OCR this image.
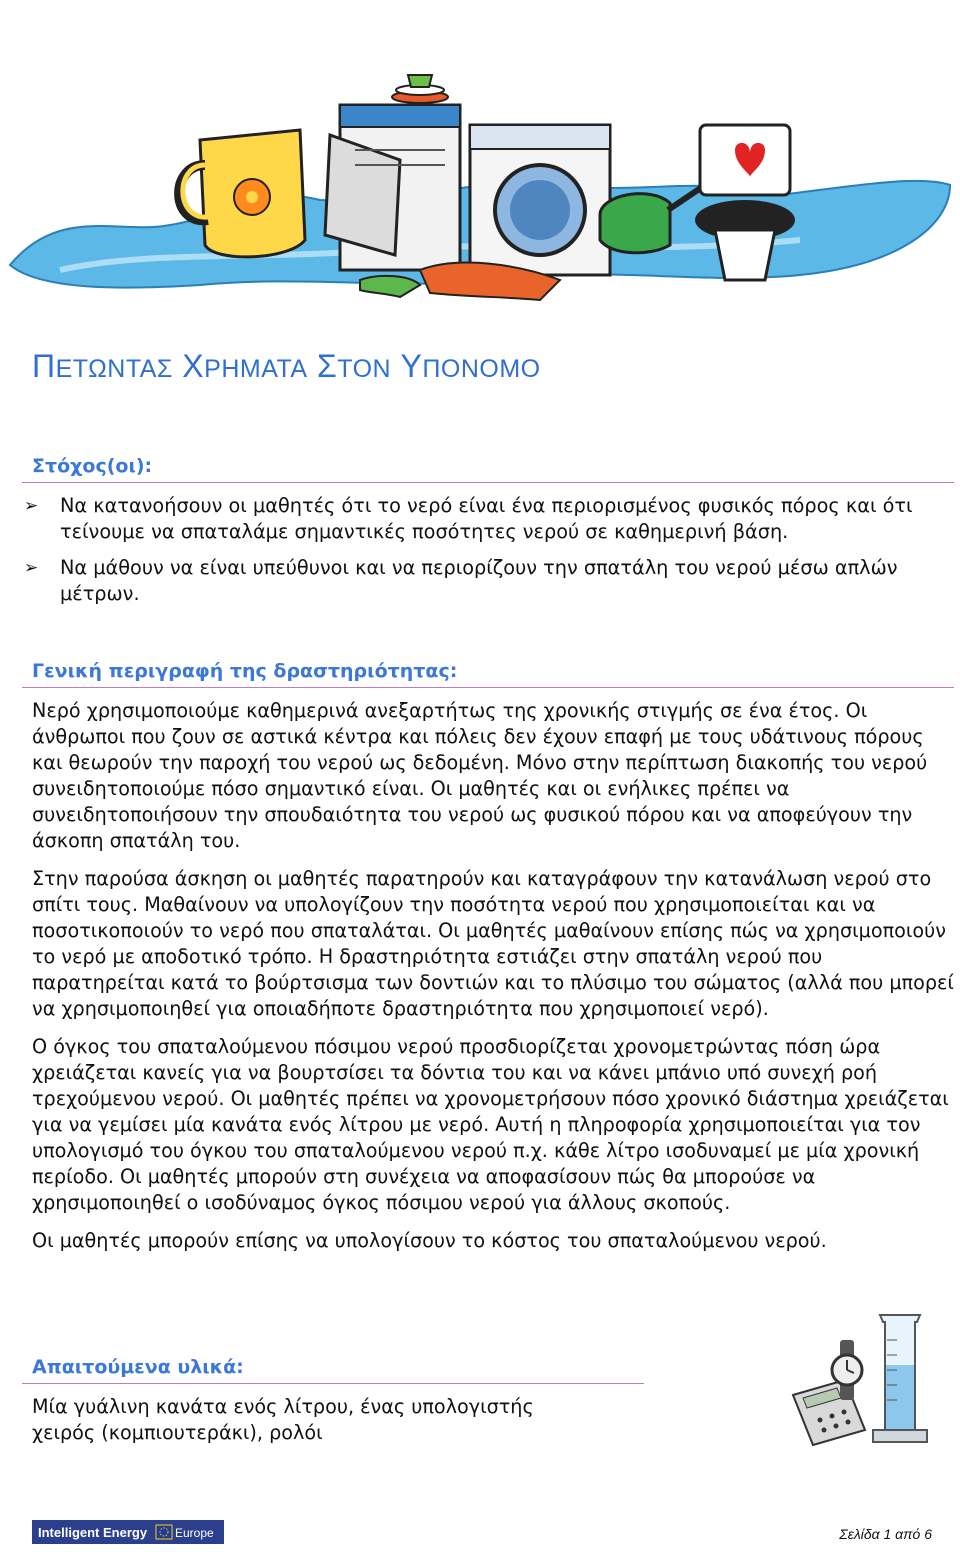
ΠΕΤΩΝΤΑΣ ΧΡΗΜΑΤΑ ΣΤΟΝ ΥΠΟΝΟΜΟ
Στόχος(οι):
➢ Να κατανοήσουν οι μαθητές ότι το νερό είναι ένα περιορισμένος φυσικός πόρος και ότι τείνουμε να σπαταλάμε σημαντικές ποσότητες νερού σε καθημερινή βάση.
➢ Να μάθουν να είναι υπεύθυνοι και να περιορίζουν την σπατάλη του νερού μέσω απλών μέτρων.
Γενική περιγραφή της δραστηριότητας:

Νερό χρησιμοποιούμε καθημερινά ανεξαρτήτως της χρονικής στιγμής σε ένα έτος. Οι άνθρωποι που ζουν σε αστικά κέντρα και πόλεις δεν έχουν επαφή με τους υδάτινους πόρους και θεωρούν την παροχή του νερού ως δεδομένη. Μόνο στην περίπτωση διακοπής του νερού συνειδητοποιούμε πόσο σημαντικό είναι. Οι μαθητές και οι ενήλικες πρέπει να συνειδητοποιήσουν την σπουδαιότητα του νερού ως φυσικού πόρου και να αποφεύγουν την άσκοπη σπατάλη του.

Στην παρούσα άσκηση οι μαθητές παρατηρούν και καταγράφουν την κατανάλωση νερού στο σπίτι τους. Μαθαίνουν να υπολογίζουν την ποσότητα νερού που χρησιμοποιείται και να ποσοτικοποιούν το νερό που σπαταλάται. Οι μαθητές μαθαίνουν επίσης πώς να χρησιμοποιούν το νερό με αποδοτικό τρόπο. Η δραστηριότητα εστιάζει στην σπατάλη νερού που παρατηρείται κατά το βούρτσισμα των δοντιών και το πλύσιμο του σώματος (αλλά που μπορεί να χρησιμοποιηθεί για οποιαδήποτε δραστηριότητα που χρησιμοποιεί νερό).

Ο όγκος του σπαταλούμενου πόσιμου νερού προσδιορίζεται χρονομετρώντας πόση ώρα χρειάζεται κανείς για να βουρτσίσει τα δόντια του και να κάνει μπάνιο υπό συνεχή ροή τρεχούμενου νερού. Οι μαθητές πρέπει να χρονομετρήσουν πόσο χρονικό διάστημα χρειάζεται για να γεμίσει μία κανάτα ενός λίτρου με νερό. Αυτή η πληροφορία χρησιμοποιείται για τον υπολογισμό του όγκου του σπαταλούμενου νερού π.χ. κάθε λίτρο ισοδυναμεί με μία χρονική περίοδο. Οι μαθητές μπορούν στη συνέχεια να αποφασίσουν πώς θα μπορούσε να χρησιμοποιηθεί ο ισοδύναμος όγκος πόσιμου νερού για άλλους σκοπούς.

Οι μαθητές μπορούν επίσης να υπολογίσουν το κόστος του σπαταλούμενου νερού.

Απαιτούμενα υλικά:

Μία γυάλινη κανάτα ενός λίτρου, ένας υπολογιστής χειρός (κομπιουτεράκι), ρολόι

Intelligent Energy Europe	Σελίδα 1 από 6
